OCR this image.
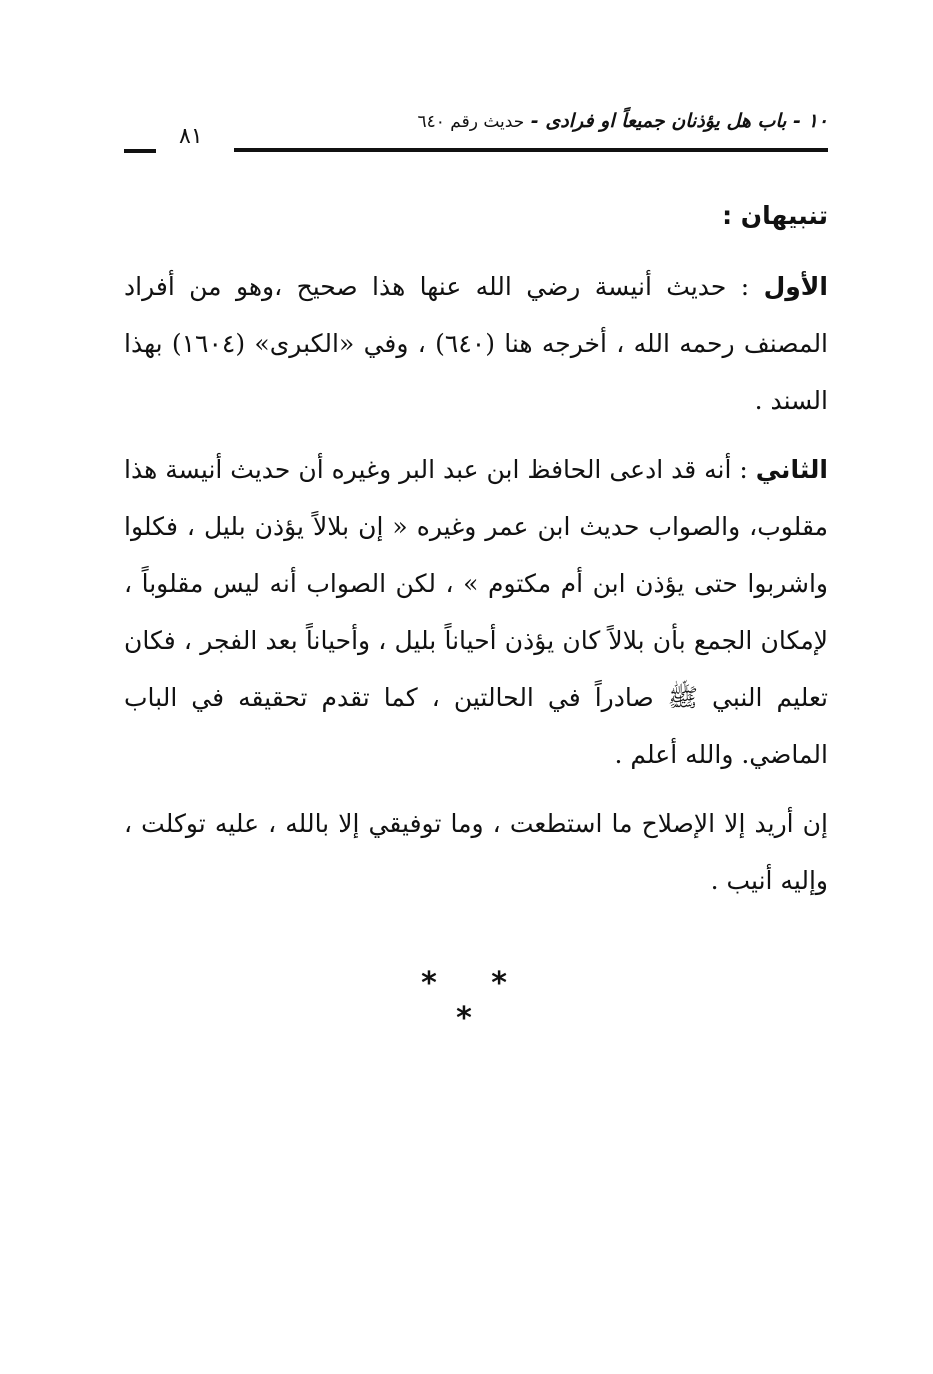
١٠ - باب هل يؤذنان جميعاً او فرادى - حديث رقم ٦٤٠
٨١
تنبيهان :

الأول : حديث أنيسة رضي الله عنها هذا صحيح ،وهو من أفراد المصنف رحمه الله ، أخرجه هنا (٦٤٠) ، وفي «الكبرى» (١٦٠٤) بهذا السند .

الثاني : أنه قد ادعى الحافظ ابن عبد البر وغيره أن حديث أنيسة هذا مقلوب، والصواب حديث ابن عمر وغيره « إن بلالاً يؤذن بليل ، فكلوا واشربوا حتى يؤذن ابن أم مكتوم » ، لكن الصواب أنه ليس مقلوباً ، لإمكان الجمع بأن بلالاً كان يؤذن أحياناً بليل ، وأحياناً بعد الفجر ، فكان تعليم النبي ﷺ صادراً في الحالتين ، كما تقدم تحقيقه في الباب الماضي. والله أعلم .

إن أريد إلا الإصلاح ما استطعت ، وما توفيقي إلا بالله ، عليه توكلت ، وإليه أنيب .

* * *
